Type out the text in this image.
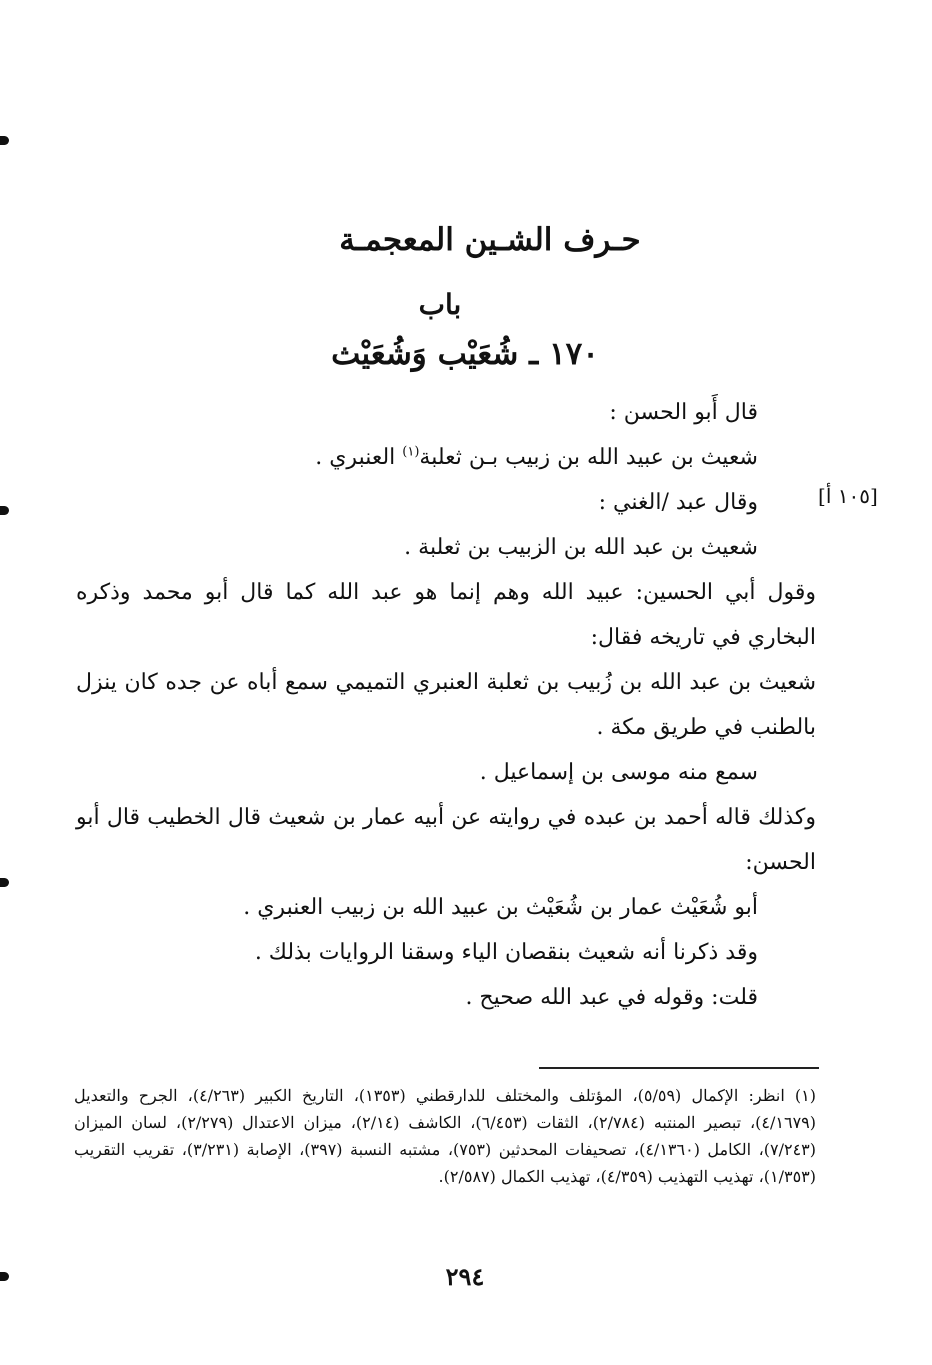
حـرف الشـين المعجمـة
باب
١٧٠ ـ شُعَيْب وَشُعَيْث

قال أَبو الحسن :

شعيث بن عبيد الله بن زبيب بـن ثعلبة$^{(١)}$ العنبري .

وقال عبد /الغني :

شعيث بن عبد الله بن الزبيب بن ثعلبة .

وقول أبي الحسين: عبيد الله وهم إنما هو عبد الله كما قال أبو محمد وذكره البخاري في تاريخه فقال:

شعيث بن عبد الله بن زُبيب بن ثعلبة العنبري التميمي سمع أباه عن جده كان ينزل بالطنب في طريق مكة .

سمع منه موسى بن إسماعيل .

وكذلك قاله أحمد بن عبده في روايته عن أبيه عمار بن شعيث قال الخطيب قال أبو الحسن:

أبو شُعَيْث عمار بن شُعَيْث بن عبيد الله بن زبيب العنبري .

وقد ذكرنا أنه شعيث بنقصان الياء وسقنا الروايات بذلك .

قلت: وقوله في عبد الله صحيح .

[١٠٥ أ]
(١) انظر: الإكمال (٥/٥٩)، المؤتلف والمختلف للدارقطني (١٣٥٣)، التاريخ الكبير (٤/٢٦٣)، الجرح والتعديل (٤/١٦٧٩)، تبصير المنتبه (٢/٧٨٤)، الثقات (٦/٤٥٣)، الكاشف (٢/١٤)، ميزان الاعتدال (٢/٢٧٩)، لسان الميزان (٧/٢٤٣)، الكامل (٤/١٣٦٠)، تصحيفات المحدثين (٧٥٣)، مشتبه النسبة (٣٩٧)، الإصابة (٣/٢٣١)، تقريب التقريب (١/٣٥٣)، تهذيب التهذيب (٤/٣٥٩)، تهذيب الكمال (٢/٥٨٧).
٢٩٤
